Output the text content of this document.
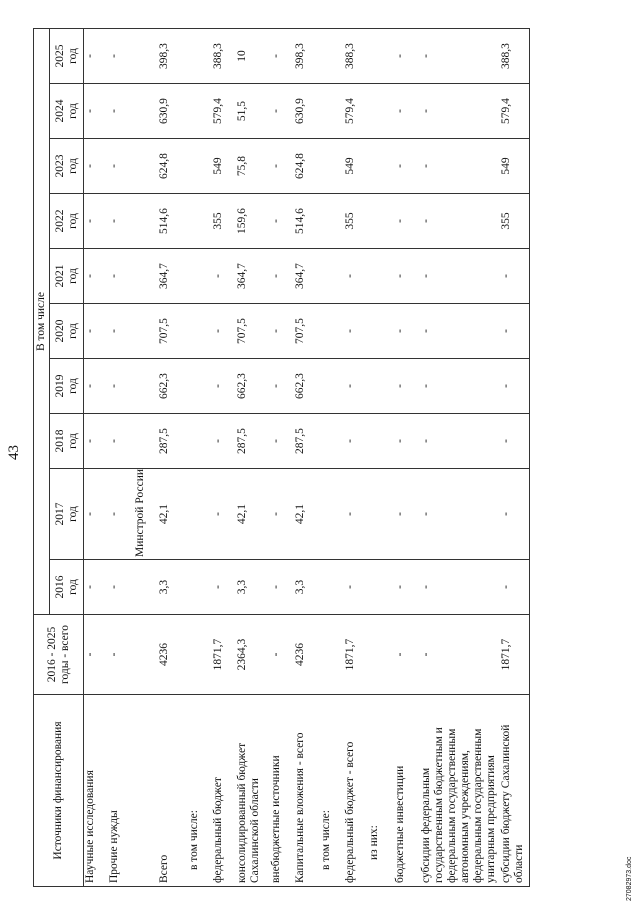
43
Источники финансирования	2016 - 2025 годы - всего	В том числе									

		2016 год	2017 год	2018 год	2019 год	2020 год	2021 год	2022 год	2023 год	2024 год	2025 год

Научные исследования	-	-	-	-	-	-	-	-	-	-	-
Прочие нужды	-	-	-	-	-	-	-	-	-	-	-
			Минстрой России								
Всего	4236	3,3	42,1	287,5	662,3	707,5	364,7	514,6	624,8	630,9	398,3
в том числе:											
федеральный бюджет	1871,7	-	-	-	-	-	-	355	549	579,4	388,3
консолидированный бюджет Сахалинской области	2364,3	3,3	42,1	287,5	662,3	707,5	364,7	159,6	75,8	51,5	10
внебюджетные источники	-	-	-	-	-	-	-	-	-	-	-
Капитальные вложения - всего	4236	3,3	42,1	287,5	662,3	707,5	364,7	514,6	624,8	630,9	398,3
в том числе:											
федеральный бюджет - всего	1871,7	-	-	-	-	-	-	355	549	579,4	388,3
из них:											
бюджетные инвестиции	-	-	-	-	-	-	-	-	-	-	-
субсидии федеральным государственным бюджетным и федеральным государственным автономным учреждениям, федеральным государственным унитарным предприятиям	-	-	-	-	-	-	-	-	-	-	-
субсидии бюджету Сахалинской области	1871,7	-	-	-	-	-	-	355	549	579,4	388,3
27082973.doc
